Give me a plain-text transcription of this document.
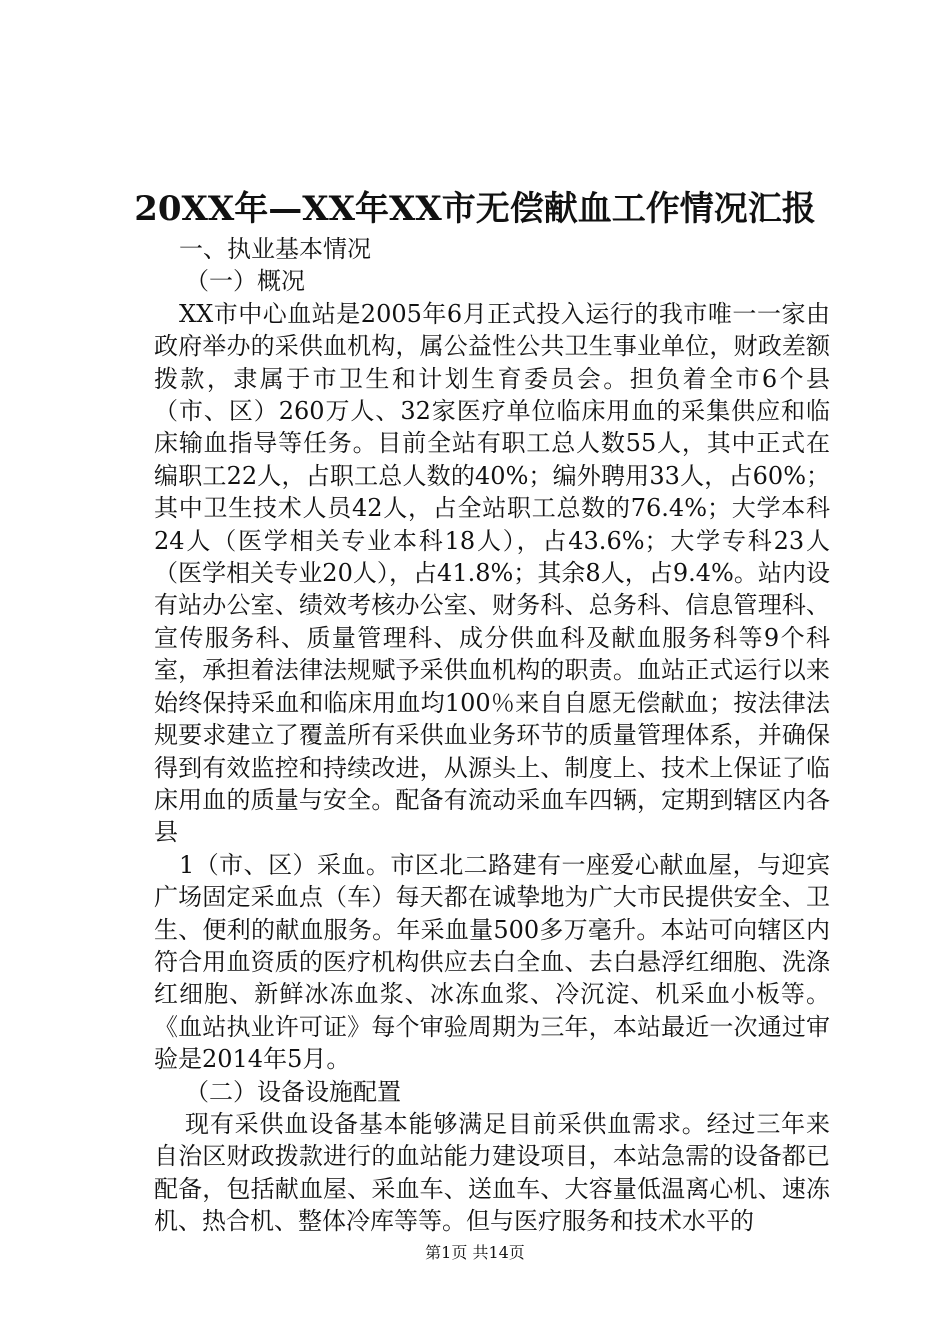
20XX年—XX年XX市无偿献血工作情况汇报

一、执业基本情况

（一）概况

XX市中心血站是2005年6月正式投入运行的我市唯一一家由政府举办的采供血机构，属公益性公共卫生事业单位，财政差额拨款，隶属于市卫生和计划生育委员会。担负着全市6个县（市、区）260万人、32家医疗单位临床用血的采集供应和临床输血指导等任务。目前全站有职工总人数55人，其中正式在编职工22人，占职工总人数的40%；编外聘用33人，占60%；其中卫生技术人员42人，占全站职工总数的76.4%；大学本科24人（医学相关专业本科18人），占43.6%；大学专科23人（医学相关专业20人），占41.8%；其余8人，占9.4%。站内设有站办公室、绩效考核办公室、财务科、总务科、信息管理科、宣传服务科、质量管理科、成分供血科及献血服务科等9个科室，承担着法律法规赋予采供血机构的职责。血站正式运行以来始终保持采血和临床用血均100％来自自愿无偿献血；按法律法规要求建立了覆盖所有采供血业务环节的质量管理体系，并确保得到有效监控和持续改进，从源头上、制度上、技术上保证了临床用血的质量与安全。配备有流动采血车四辆，定期到辖区内各县

1（市、区）采血。市区北二路建有一座爱心献血屋，与迎宾广场固定采血点（车）每天都在诚挚地为广大市民提供安全、卫生、便利的献血服务。年采血量500多万毫升。本站可向辖区内符合用血资质的医疗机构供应去白全血、去白悬浮红细胞、洗涤红细胞、新鲜冰冻血浆、冰冻血浆、冷沉淀、机采血小板等。《血站执业许可证》每个审验周期为三年，本站最近一次通过审验是2014年5月。

（二）设备设施配置

现有采供血设备基本能够满足目前采供血需求。经过三年来自治区财政拨款进行的血站能力建设项目，本站急需的设备都已配备，包括献血屋、采血车、送血车、大容量低温离心机、速冻机、热合机、整体冷库等等。但与医疗服务和技术水平的

第1页 共14页
